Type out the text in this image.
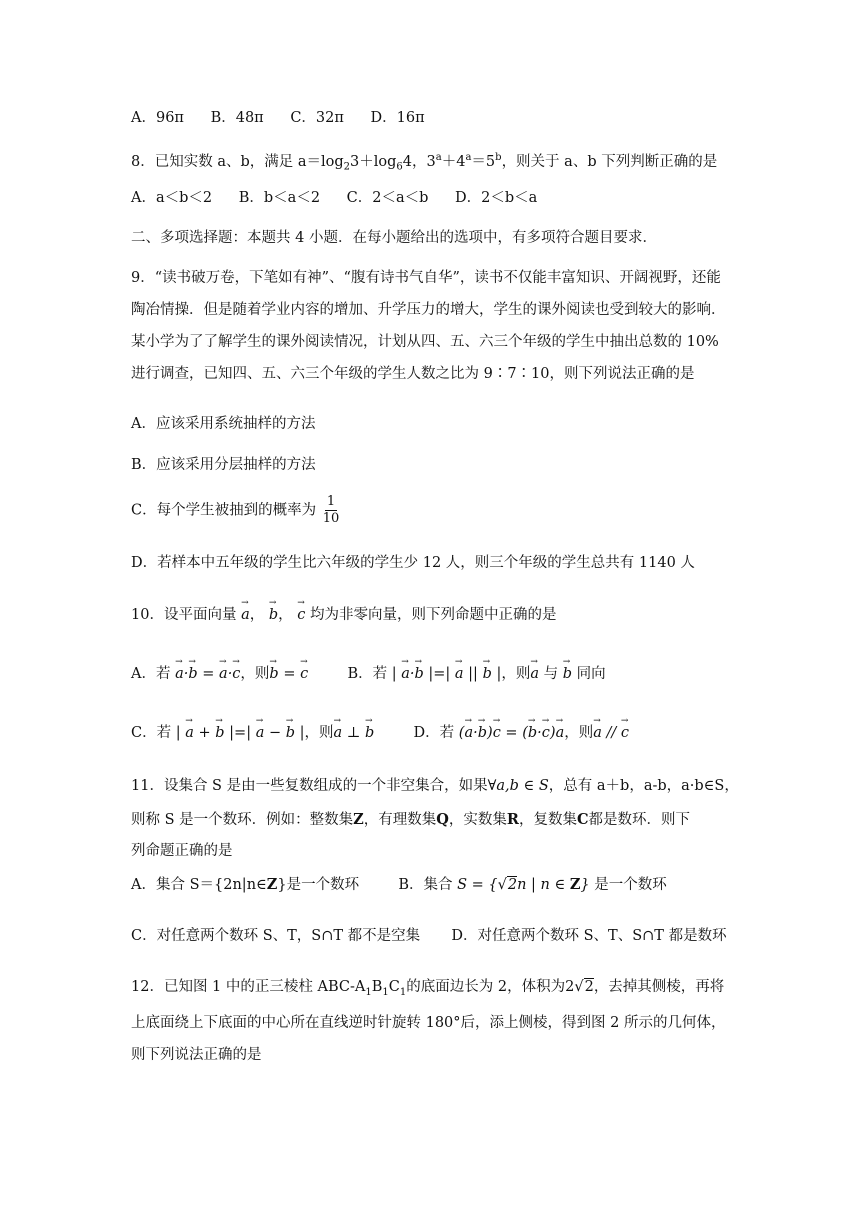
A．96π B．48π C．32π D．16π
8．已知实数 a、b，满足 $a=\log_23+\log_64$，$3^a+4^a=5^b$，则关于 a、b 下列判断正确的是
A．a＜b＜2 B．b＜a＜2 C．2＜a＜b D．2＜b＜a
二、多项选择题：本题共 4 小题．在每小题给出的选项中，有多项符合题目要求．
9．“读书破万卷，下笔如有神”、“腹有诗书气自华”，读书不仅能丰富知识、开阔视野，还能陶冶情操．但是随着学业内容的增加、升学压力的增大，学生的课外阅读也受到较大的影响．某小学为了了解学生的课外阅读情况，计划从四、五、六三个年级的学生中抽出总数的 10%进行调查，已知四、五、六三个年级的学生人数之比为 9∶7∶10，则下列说法正确的是
A．应该采用系统抽样的方法
B．应该采用分层抽样的方法
C．每个学生被抽到的概率为 $\frac{1}{10}$
D．若样本中五年级的学生比六年级的学生少 12 人，则三个年级的学生总共有 1140 人
10．设平面向量 → a， → b， → c 均为非零向量，则下列命题中正确的是
A．若 → a·→ b = → a·→ c，则→ b = → c	B．若 | → a·→ b |=| → a || → b |，则→ a 与 → b 同向
C．若 | → a + → b |=| → a − → b |，则→ a ⊥ → b	D．若 (→ a·→ b)→ c = (→ b·→ c)→ a，则→ a // → c
11．设集合 S 是由一些复数组成的一个非空集合，如果∀a,b ∈ S，总有 a＋b，a-b，a·b∈S，
则称 S 是一个数环．例如：整数集Z，有理数集Q，实数集R，复数集C都是数环．则下
列命题正确的是
A．集合 S＝{2n|n∈Z}是一个数环	B．集合 S = {√2n | n ∈ Z} 是一个数环
C．对任意两个数环 S、T，S∩T 都不是空集 D．对任意两个数环 S、T、S∩T 都是数环
12．已知图 1 中的正三棱柱 ABC-$A_1B_1C_1$的底面边长为 2，体积为2√2，去掉其侧棱，再将
上底面绕上下底面的中心所在直线逆时针旋转 180°后，添上侧棱，得到图 2 所示的几何体，
则下列说法正确的是
